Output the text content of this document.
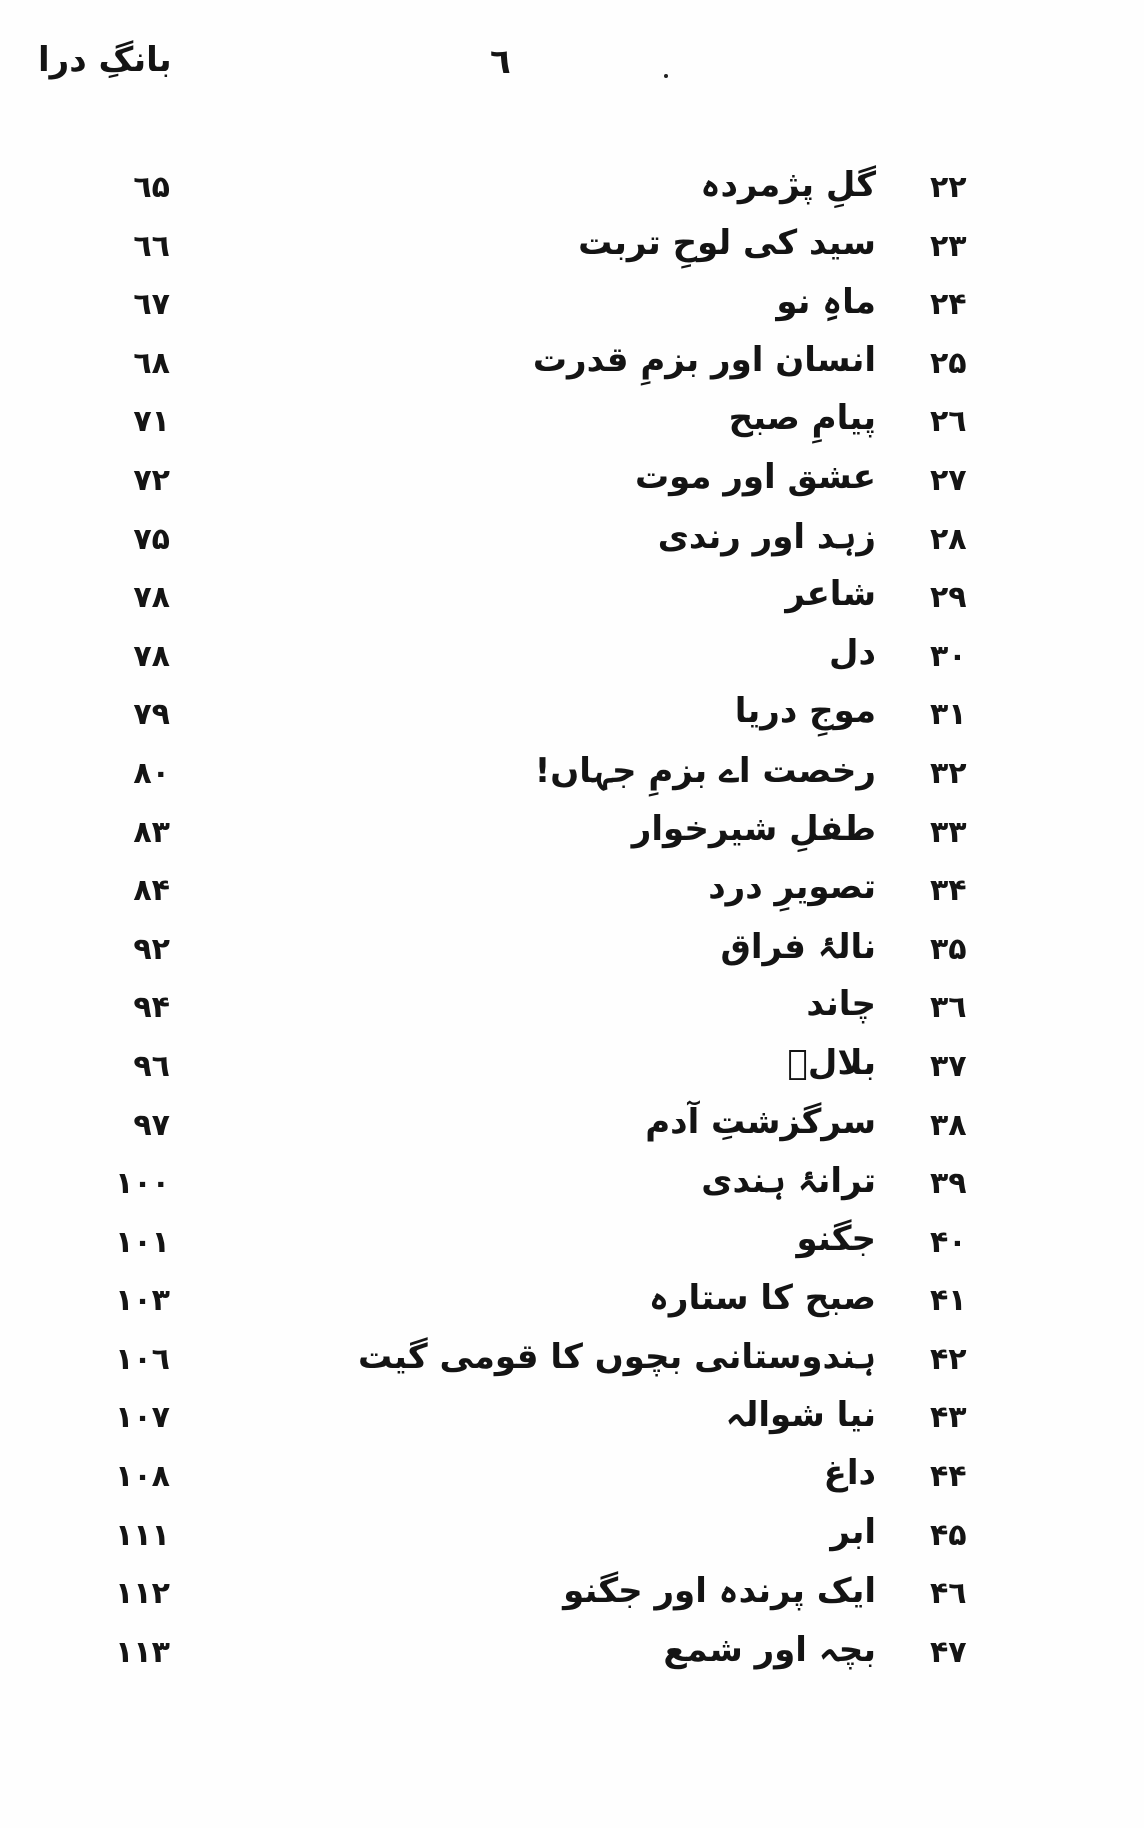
بانگِ درا	٦
۲۲
گلِ پژمردہ
٦۵
۲۳
سید کی لوحِ تربت
٦٦
۲۴
ماہِ نو
٦۷
۲۵
انسان اور بزمِ قدرت
٦۸
۲٦
پیامِ صبح
۷۱
۲۷
عشق اور موت
۷۲
۲۸
زہد اور رندی
۷۵
۲۹
شاعر
۷۸
۳۰
دل
۷۸
۳۱
موجِ دریا
۷۹
۳۲
رخصت اے بزمِ جہاں!
۸۰
۳۳
طفلِ شیرخوار
۸۳
۳۴
تصویرِ درد
۸۴
۳۵
نالۂ فراق
۹۲
۳٦
چاند
۹۴
۳۷
بلالؓ
۹٦
۳۸
سرگزشتِ آدم
۹۷
۳۹
ترانۂ ہندی
۱۰۰
۴۰
جگنو
۱۰۱
۴۱
صبح کا ستارہ
۱۰۳
۴۲
ہندوستانی بچوں کا قومی گیت
۱۰٦
۴۳
نیا شوالہ
۱۰۷
۴۴
داغ
۱۰۸
۴۵
ابر
۱۱۱
۴٦
ایک پرندہ اور جگنو
۱۱۲
۴۷
بچہ اور شمع
۱۱۳
